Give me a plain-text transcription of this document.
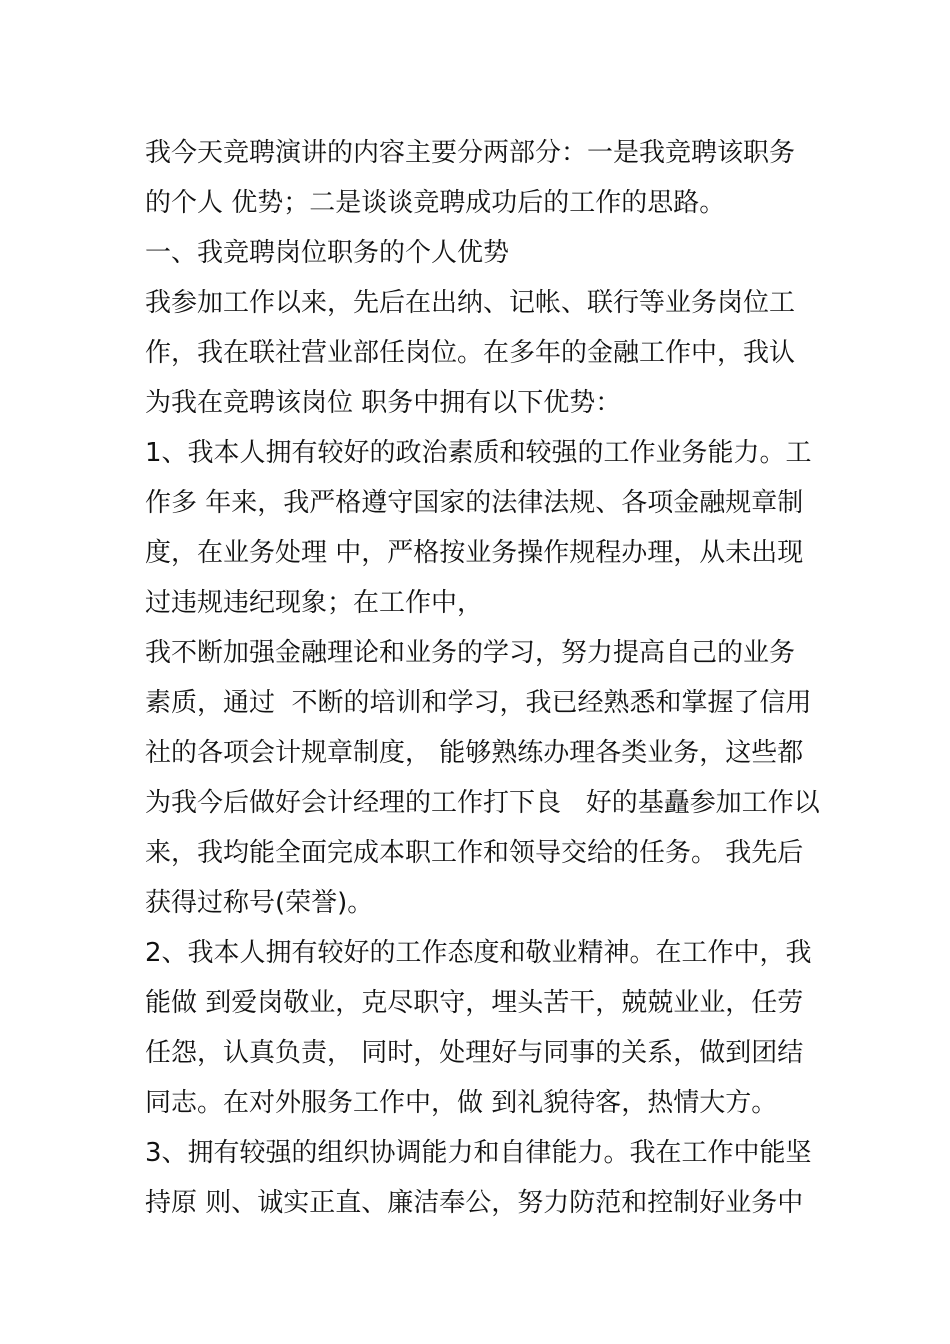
我今天竞聘演讲的内容主要分两部分：一是我竞聘该职务
的个人 优势；二是谈谈竞聘成功后的工作的思路。
一、我竞聘岗位职务的个人优势
我参加工作以来，先后在出纳、记帐、联行等业务岗位工
作，我在联社营业部任岗位。在多年的金融工作中，我认
为我在竞聘该岗位 职务中拥有以下优势：
1、我本人拥有较好的政治素质和较强的工作业务能力。工
作多 年来，我严格遵守国家的法律法规、各项金融规章制
度，在业务处理 中，严格按业务操作规程办理，从未出现
过违规违纪现象；在工作中，
我不断加强金融理论和业务的学习，努力提高自己的业务
素质，通过  不断的培训和学习，我已经熟悉和掌握了信用
社的各项会计规章制度， 能够熟练办理各类业务，这些都
为我今后做好会计经理的工作打下良   好的基矗参加工作以
来，我均能全面完成本职工作和领导交给的任务。 我先后
获得过称号(荣誉)。
2、我本人拥有较好的工作态度和敬业精神。在工作中，我
能做 到爱岗敬业，克尽职守，埋头苦干，兢兢业业，任劳
任怨，认真负责， 同时，处理好与同事的关系，做到团结
同志。在对外服务工作中，做 到礼貌待客，热情大方。
3、拥有较强的组织协调能力和自律能力。我在工作中能坚
持原 则、诚实正直、廉洁奉公，努力防范和控制好业务中
